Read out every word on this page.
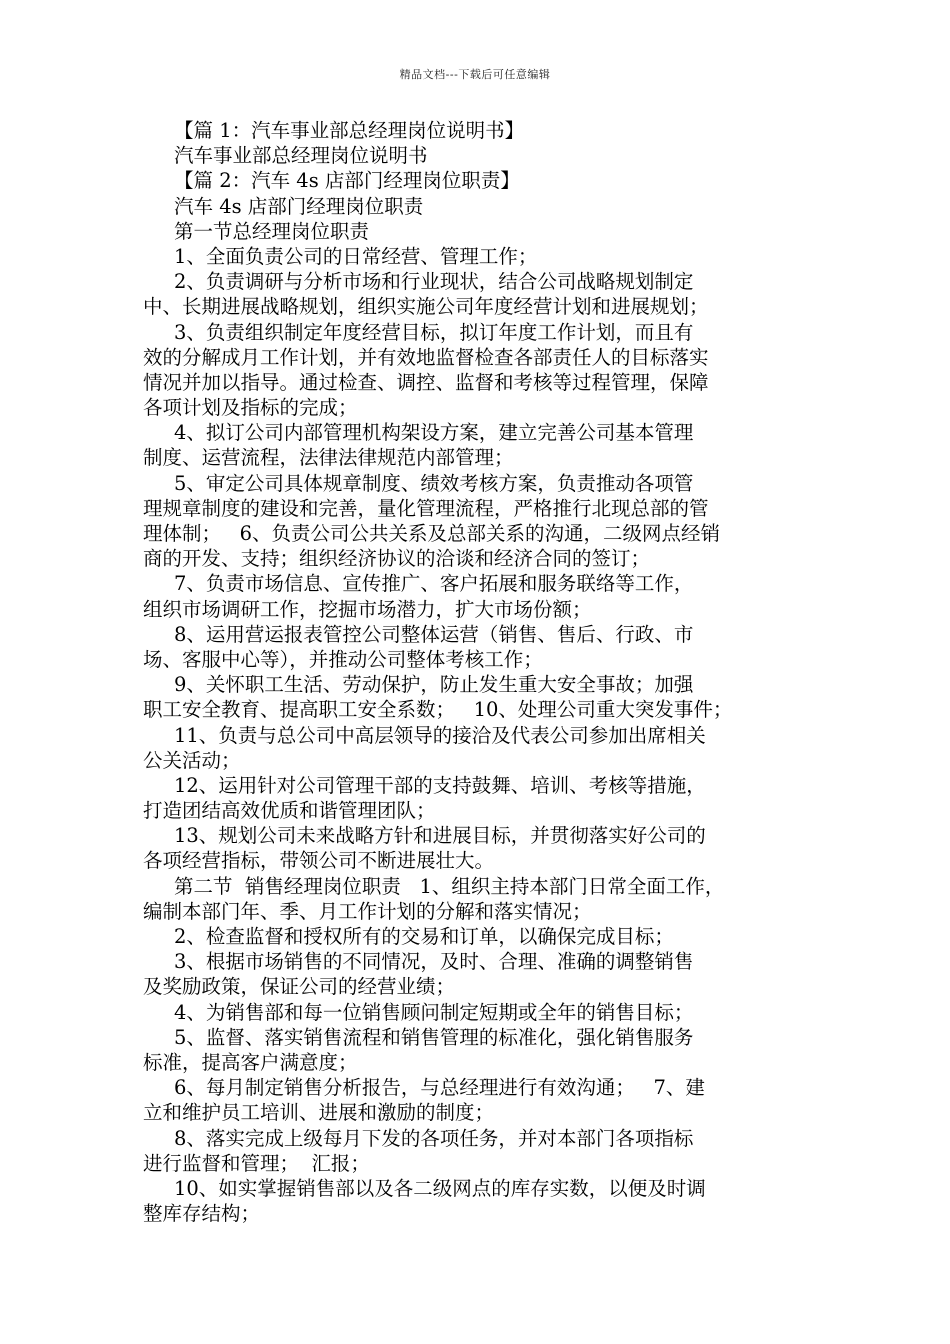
精品文档---下载后可任意编辑
【篇 1：汽车事业部总经理岗位说明书】
汽车事业部总经理岗位说明书
【篇 2：汽车 4s 店部门经理岗位职责】
汽车 4s 店部门经理岗位职责
第一节总经理岗位职责
1、全面负责公司的日常经营、管理工作；
2、负责调研与分析市场和行业现状，结合公司战略规划制定
中、长期进展战略规划，组织实施公司年度经营计划和进展规划；
3、负责组织制定年度经营目标，拟订年度工作计划，而且有
效的分解成月工作计划，并有效地监督检查各部责任人的目标落实
情况并加以指导。通过检查、调控、监督和考核等过程管理，保障
各项计划及指标的完成；
4、拟订公司内部管理机构架设方案，建立完善公司基本管理
制度、运营流程，法律法律规范内部管理；
5、审定公司具体规章制度、绩效考核方案，负责推动各项管
理规章制度的建设和完善，量化管理流程，严格推行北现总部的管
理体制；   6、负责公司公共关系及总部关系的沟通，二级网点经销
商的开发、支持；组织经济协议的洽谈和经济合同的签订；
7、负责市场信息、宣传推广、客户拓展和服务联络等工作，
组织市场调研工作，挖掘市场潜力，扩大市场份额；
8、运用营运报表管控公司整体运营（销售、售后、行政、市
场、客服中心等），并推动公司整体考核工作；
9、关怀职工生活、劳动保护，防止发生重大安全事故；加强
职工安全教育、提高职工安全系数；   10、处理公司重大突发事件；
11、负责与总公司中高层领导的接洽及代表公司参加出席相关
公关活动；
12、运用针对公司管理干部的支持鼓舞、培训、考核等措施，
打造团结高效优质和谐管理团队；
13、规划公司未来战略方针和进展目标，并贯彻落实好公司的
各项经营指标，带领公司不断进展壮大。
第二节  销售经理岗位职责   1、组织主持本部门日常全面工作，
编制本部门年、季、月工作计划的分解和落实情况；
2、检查监督和授权所有的交易和订单，以确保完成目标；
3、根据市场销售的不同情况，及时、合理、准确的调整销售
及奖励政策，保证公司的经营业绩；
4、为销售部和每一位销售顾问制定短期或全年的销售目标；
5、监督、落实销售流程和销售管理的标准化，强化销售服务
标准，提高客户满意度；
6、每月制定销售分析报告，与总经理进行有效沟通；   7、建
立和维护员工培训、进展和激励的制度；
8、落实完成上级每月下发的各项任务，并对本部门各项指标
进行监督和管理；  汇报；
10、如实掌握销售部以及各二级网点的库存实数，以便及时调
整库存结构；
